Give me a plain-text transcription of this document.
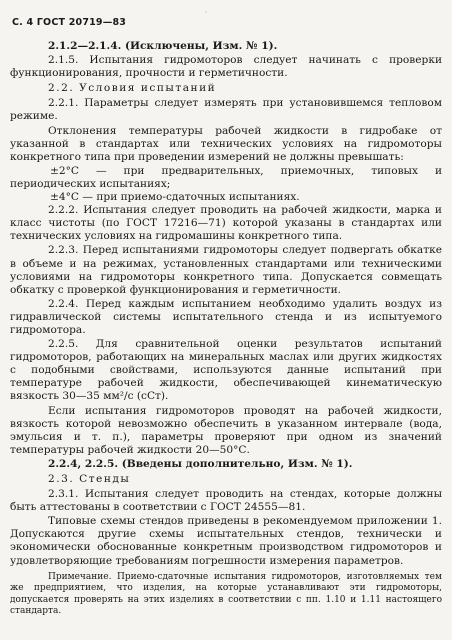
ˎ
С. 4 ГОСТ 20719—83

2.1.2—2.1.4. (Исключены, Изм. № 1).

2.1.5. Испытания гидромоторов следует начинать с проверки функционирования, прочности и герметичности.

2.2. Условия испытаний

2.2.1. Параметры следует измерять при установившемся тепловом режиме.

Отклонения температуры рабочей жидкости в гидробаке от указанной в стандартах или технических условиях на гидромоторы конкретного типа при проведении измерений не должны превышать:

±2°С — при предварительных, приемочных, типовых и периодических испытаниях;

±4°С — при приемо-сдаточных испытаниях.

2.2.2. Испытания следует проводить на рабочей жидкости, марка и класс чистоты (по ГОСТ 17216—71) которой указаны в стандартах или технических условиях на гидромашины конкретного типа.

2.2.3. Перед испытаниями гидромоторы следует подвергать обкатке в объеме и на режимах, установленных стандартами или техническими условиями на гидромоторы конкретного типа. Допускается совмещать обкатку с проверкой функционирования и герметичности.

2.2.4. Перед каждым испытанием необходимо удалить воздух из гидравлической системы испытательного стенда и из испытуемого гидромотора.

2.2.5. Для сравнительной оценки результатов испытаний гидромоторов, работающих на минеральных маслах или других жидкостях с подобными свойствами, используются данные испытаний при температуре рабочей жидкости, обеспечивающей кинематическую вязкость 30—35 мм²/с (сСт).

Если испытания гидромоторов проводят на рабочей жидкости, вязкость которой невозможно обеспечить в указанном интервале (вода, эмульсия и т. п.), параметры проверяют при одном из значений температуры рабочей жидкости 20—50°С.

2.2.4, 2.2.5. (Введены дополнительно, Изм. № 1).

2.3. Стенды

2.3.1. Испытания следует проводить на стендах, которые должны быть аттестованы в соответствии с ГОСТ 24555—81.

Типовые схемы стендов приведены в рекомендуемом приложении 1. Допускаются другие схемы испытательных стендов, технически и экономически обоснованные конкретным производством гидромоторов и удовлетворяющие требованиям погрешности измерения параметров.

Примечание. Приемо-сдаточные испытания гидромоторов, изготовляемых тем же предприятием, что изделия, на которые устанавливают эти гидромоторы, допускается проверять на этих изделиях в соответствии с пп. 1.10 и 1.11 настоящего стандарта.
